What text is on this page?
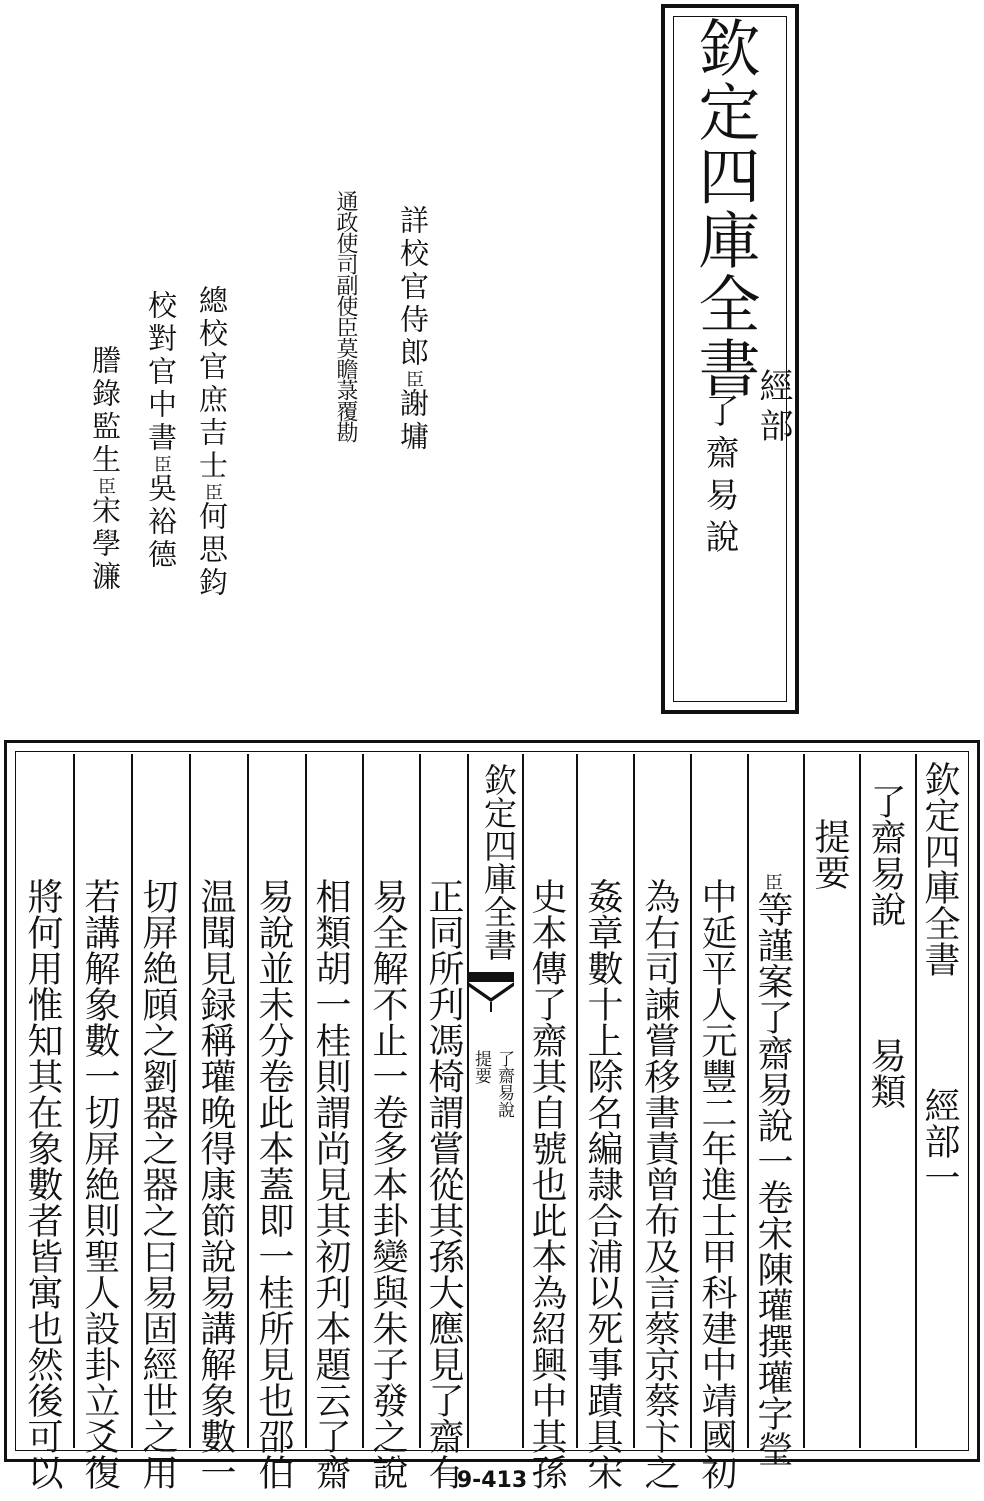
欽定四庫全書
經部
了齋易說
詳校官侍郎臣謝墉
通政使司副使臣莫瞻菉覆勘
總校官庶吉士臣何思鈞
校對官中書臣吳裕德
謄錄監生臣宋學濂
欽定四庫全書經部一
了齋易說易類
提要
臣等謹案了齋易說一卷宋陳瓘撰瓘字瑩
中延平人元豐二年進士甲科建中靖國初
為右司諫嘗移書責曾布及言蔡京蔡卞之
姦章數十上除名編隷合浦以死事蹟具宋
史本傳了齋其自號也此本為紹興中其孫
欽定四庫全書
正同所刋馮椅謂嘗從其孫大應見了齋有
易全解不止一卷多本卦變與朱子發之說
相類胡一桂則謂尚見其初刋本題云了齋
易說並未分卷此本蓋即一桂所見也邵伯
温聞見録稱瓘晚得康節說易講解象數一
切屏絶頋之劉器之器之曰易固經世之用
若講解象數一切屏絶則聖人設卦立爻復
將何用惟知其在象數者皆寓也然後可以	了齋易說
提要
9-413
